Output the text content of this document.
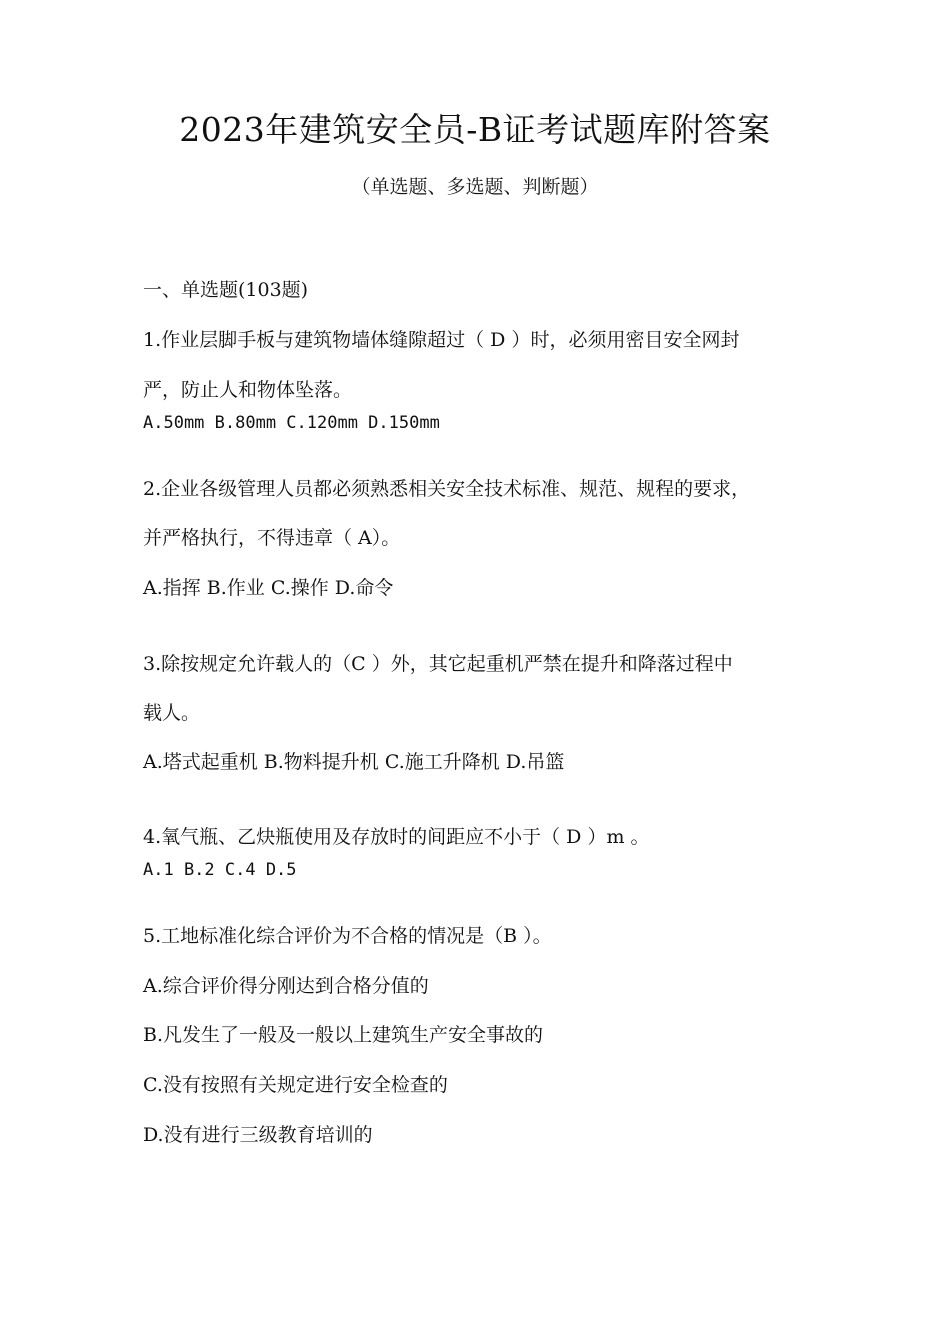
2023年建筑安全员-B证考试题库附答案

（单选题、多选题、判断题）

一、单选题(103题)

1.作业层脚手板与建筑物墙体缝隙超过（ D ）时，必须用密目安全网封

严，防止人和物体坠落。

A.50mm B.80mm C.120mm D.150mm

2.企业各级管理人员都必须熟悉相关安全技术标准、规范、规程的要求，

并严格执行，不得违章（ A）。

A.指挥 B.作业 C.操作 D.命令

3.除按规定允许载人的（C ）外，其它起重机严禁在提升和降落过程中

载人。

A.塔式起重机 B.物料提升机 C.施工升降机 D.吊篮

4.氧气瓶、乙炔瓶使用及存放时的间距应不小于（ D ）m 。

A.1 B.2 C.4 D.5

5.工地标准化综合评价为不合格的情况是（B ）。

A.综合评价得分刚达到合格分值的

B.凡发生了一般及一般以上建筑生产安全事故的

C.没有按照有关规定进行安全检查的

D.没有进行三级教育培训的
